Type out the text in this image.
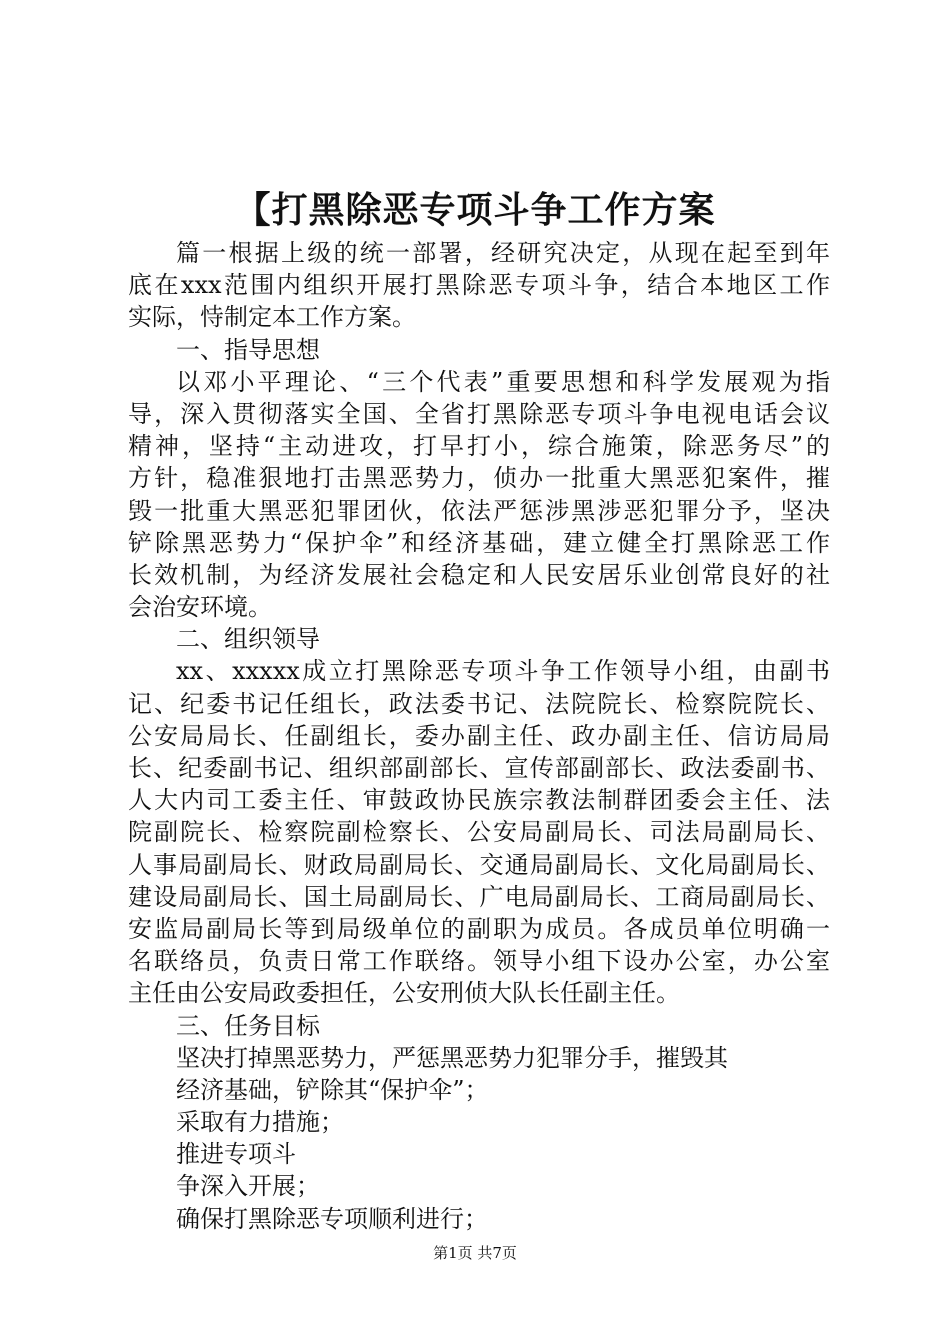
【打黑除恶专项斗争工作方案
篇一根据上级的统一部署，经研究决定，从现在起至到年
底在xxx范围内组织开展打黑除恶专项斗争，结合本地区工作
实际，恃制定本工作方案。
一、指导思想
以邓小平理论、“三个代表”重要思想和科学发展观为指
导，深入贯彻落实全国、全省打黑除恶专项斗争电视电话会议
精神，坚持“主动进攻，打早打小，综合施策，除恶务尽”的
方针，稳准狠地打击黑恶势力，侦办一批重大黑恶犯案件，摧
毁一批重大黑恶犯罪团伙，依法严惩涉黑涉恶犯罪分予，坚决
铲除黑恶势力“保护伞”和经济基础，建立健全打黑除恶工作
长效机制，为经济发展社会稳定和人民安居乐业创常良好的社
会治安环境。
二、组织领导
xx、xxxxx成立打黑除恶专项斗争工作领导小组，由副书
记、纪委书记任组长，政法委书记、法院院长、检察院院长、
公安局局长、任副组长，委办副主任、政办副主任、信访局局
长、纪委副书记、组织部副部长、宣传部副部长、政法委副书、
人大内司工委主任、审鼓政协民族宗教法制群团委会主任、法
院副院长、检察院副检察长、公安局副局长、司法局副局长、
人事局副局长、财政局副局长、交通局副局长、文化局副局长、
建设局副局长、国土局副局长、广电局副局长、工商局副局长、
安监局副局长等到局级单位的副职为成员。各成员单位明确一
名联络员，负责日常工作联络。领导小组下设办公室，办公室
主任由公安局政委担任，公安刑侦大队长任副主任。
三、任务目标
坚决打掉黑恶势力，严惩黑恶势力犯罪分手，摧毁其
经济基础，铲除其“保护伞”；
采取有力措施；
推进专项斗
争深入开展；
确保打黑除恶专项顺利进行；
第1页 共7页
